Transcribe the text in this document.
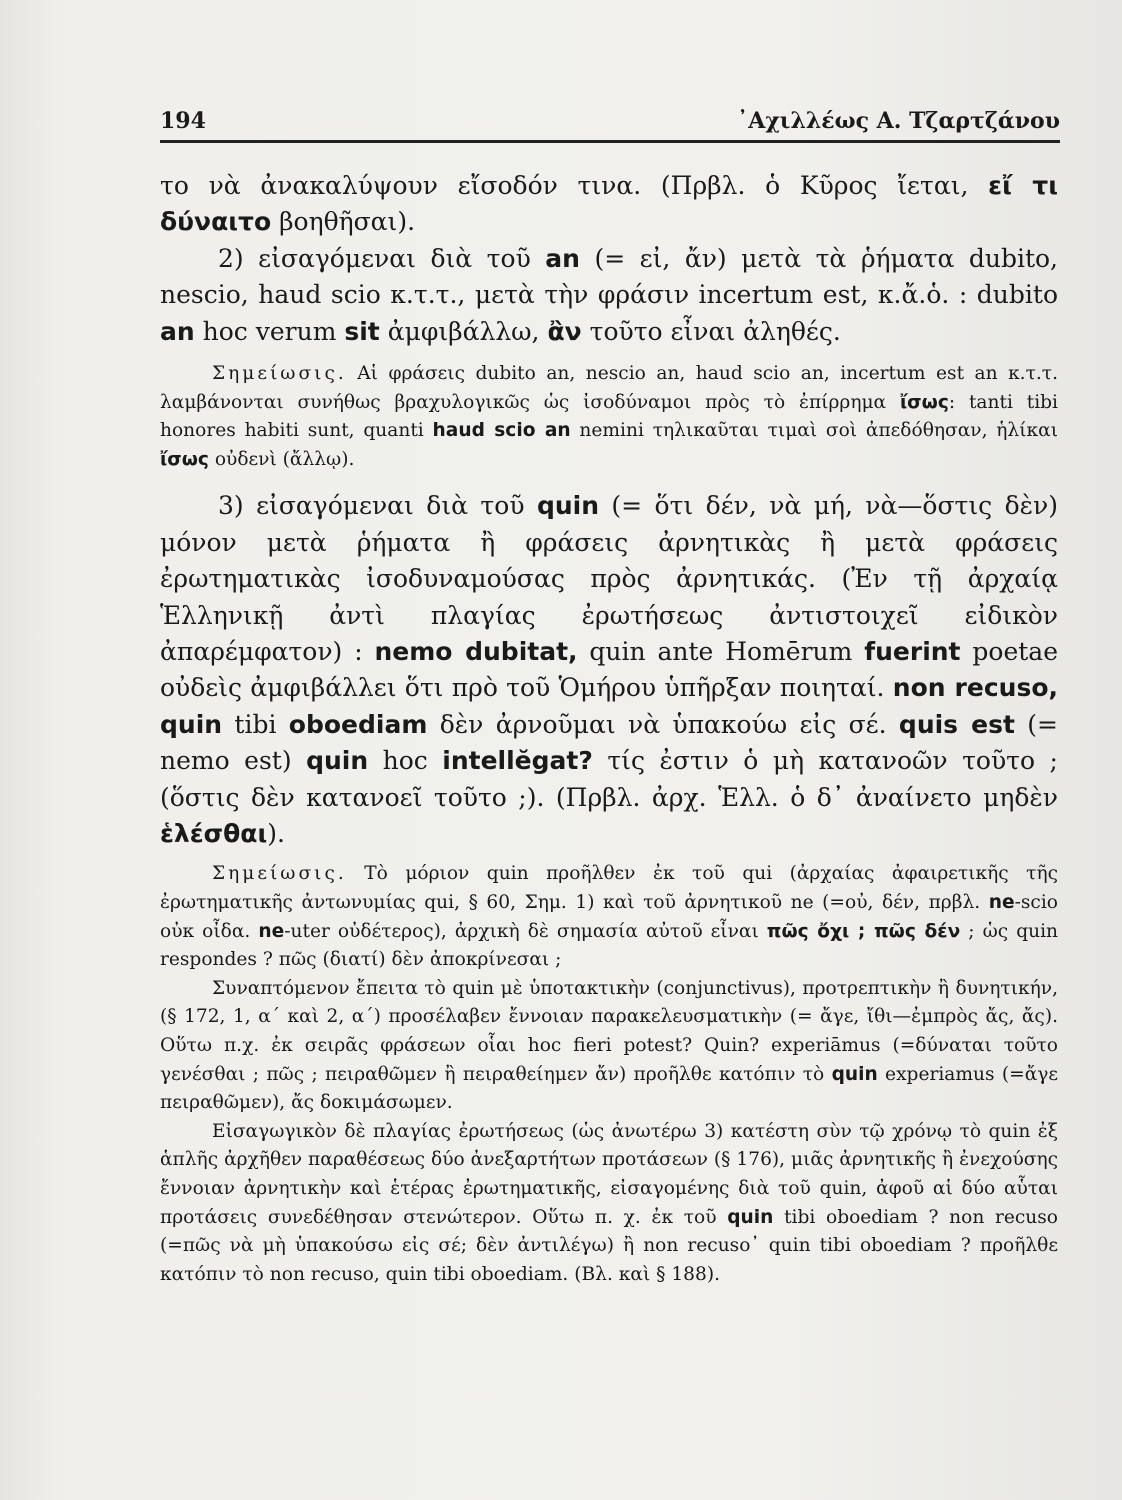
194	᾽Αχιλλέως Α. Τζαρτζάνου

το νὰ ἀνακαλύψουν εἴσοδόν τινα. (Πρβλ. ὁ Κῦρος ἴεται, εἴ τι δύναιτο βοηθῆσαι).

2) εἰσαγόμεναι διὰ τοῦ an (= εἰ, ἄν) μετὰ τὰ ῥήματα dubito, nescio, haud scio κ.τ.τ., μετὰ τὴν φράσιν incertum est, κ.ἄ.ὁ. : dubito an hoc verum sit ἀμφιβάλλω, ἂν τοῦτο εἶναι ἀληθές.

Σημείωσις. Αἱ φράσεις dubito an, nescio an, haud scio an, incertum est an κ.τ.τ. λαμβάνονται συνήθως βραχυλογικῶς ὡς ἰσοδύναμοι πρὸς τὸ ἐπίρρημα ἴσως: tanti tibi honores habiti sunt, quanti haud scio an nemini τηλικαῦται τιμαὶ σοὶ ἀπεδόθησαν, ἡλίκαι ἴσως οὐδενὶ (ἄλλῳ).

3) εἰσαγόμεναι διὰ τοῦ quin (= ὅτι δέν, νὰ μή, νὰ—ὅστις δὲν) μόνον μετὰ ῥήματα ἢ φράσεις ἀρνητικὰς ἢ μετὰ φράσεις ἐρωτηματικὰς ἰσοδυναμούσας πρὸς ἀρνητικάς. (Ἐν τῇ ἀρχαίᾳ Ἑλληνικῇ ἀντὶ πλαγίας ἐρωτήσεως ἀντιστοιχεῖ εἰδικὸν ἀπαρέμφατον) : nemo dubitat, quin ante Homērum fuerint poetae οὐδεὶς ἀμφιβάλλει ὅτι πρὸ τοῦ Ὁμήρου ὑπῆρξαν ποιηταί. non recuso, quin tibi oboediam δὲν ἀρνοῦμαι νὰ ὑπακούω εἰς σέ. quis est (= nemo est) quin hoc intellĕgat? τίς ἐστιν ὁ μὴ κατανοῶν τοῦτο ; (ὅστις δὲν κατανοεῖ τοῦτο ;). (Πρβλ. ἀρχ. Ἑλλ. ὁ δ᾽ ἀναίνετο μηδὲν ἑλέσθαι).

Σημείωσις. Τὸ μόριον quin προῆλθεν ἐκ τοῦ qui (ἀρχαίας ἀφαιρετικῆς τῆς ἐρωτηματικῆς ἀντωνυμίας qui, § 60, Σημ. 1) καὶ τοῦ ἀρνητικοῦ ne (=οὐ, δέν, πρβλ. ne-scio οὐκ οἶδα. ne-uter οὐδέτερος), ἀρχικὴ δὲ σημασία αὐτοῦ εἶναι πῶς ὄχι ; πῶς δέν ; ὡς quin respondes ? πῶς (διατί) δὲν ἀποκρίνεσαι ;

Συναπτόμενον ἔπειτα τὸ quin μὲ ὑποτακτικὴν (conjunctivus), προτρεπτικὴν ἢ δυνητικήν, (§ 172, 1, α΄ καὶ 2, α΄) προσέλαβεν ἔννοιαν παρακελευσματικὴν (= ἄγε, ἴθι—ἐμπρὸς ἄς, ἄς). Οὕτω π.χ. ἐκ σειρᾶς φράσεων οἷαι hoc fieri potest? Quin? experiāmus (=δύναται τοῦτο γενέσθαι ; πῶς ; πειραθῶμεν ἢ πειραθείημεν ἄν) προῆλθε κατόπιν τὸ quin experiamus (=ἄγε πειραθῶμεν), ἄς δοκιμάσωμεν.

Εἰσαγωγικὸν δὲ πλαγίας ἐρωτήσεως (ὡς ἀνωτέρω 3) κατέστη σὺν τῷ χρόνῳ τὸ quin ἐξ ἁπλῆς ἀρχῆθεν παραθέσεως δύο ἀνεξαρτήτων προτάσεων (§ 176), μιᾶς ἀρνητικῆς ἢ ἐνεχούσης ἔννοιαν ἀρνητικὴν καὶ ἑτέρας ἐρωτηματικῆς, εἰσαγομένης διὰ τοῦ quin, ἀφοῦ αἱ δύο αὗται προτάσεις συνεδέθησαν στενώτερον. Οὕτω π. χ. ἐκ τοῦ quin tibi oboediam ? non recuso (=πῶς νὰ μὴ ὑπακούσω εἰς σέ; δὲν ἀντιλέγω) ἢ non recuso᾽ quin tibi oboediam ? προῆλθε κατόπιν τὸ non recuso, quin tibi oboediam. (Βλ. καὶ § 188).
